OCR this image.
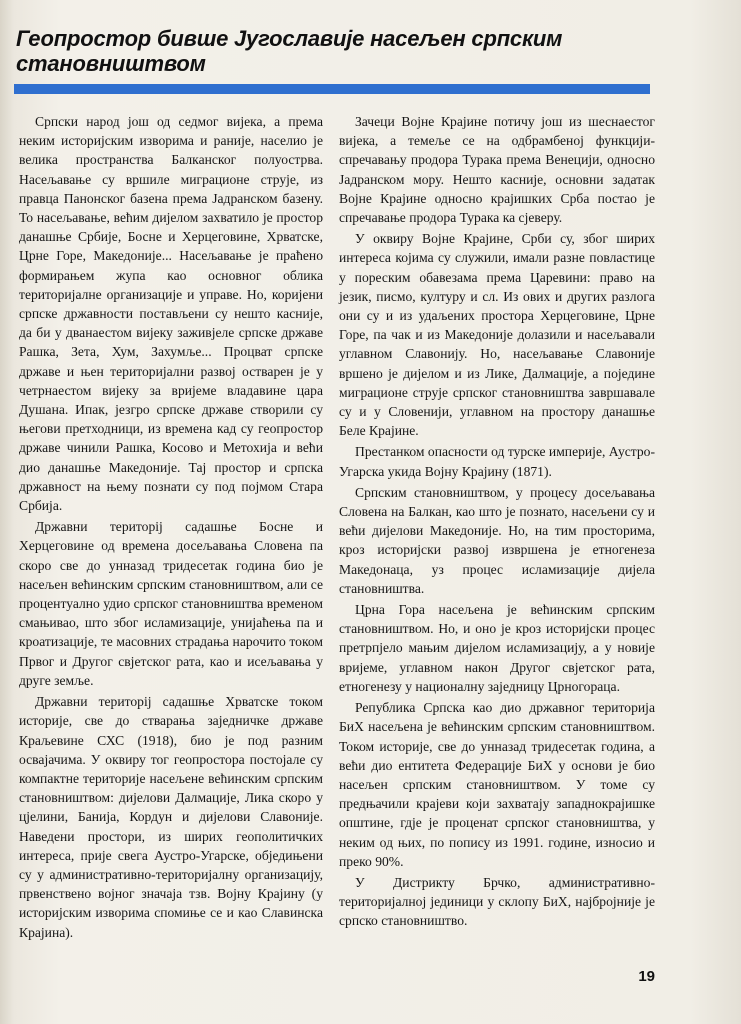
Геопростор бивше Југославије насељен српским
становништвом

Српски народ још од седмог вијека, а према неким историјским изворима и раније, населио је велика пространства Балканског полуострва. Насељавање су вршиле миграционе струје, из правца Панонског базена према Јадранском базену. То насељавање, већим дијелом захватило је простор данашње Србије, Босне и Херцеговине, Хрватске, Црне Горе, Македоније... Насељавање је праћено формирањем жупа као основног облика територијалне организације и управе. Но, коријени српске државности постављени су нешто касније, да би у дванаестом вијеку заживјеле српске државе Рашка, Зета, Хум, Захумље... Процват српске државе и њен територијални развој остварен је у четрнаестом вијеку за вријеме владавине цара Душана. Ипак, језгро српске државе створили су његови претходници, из времена кад су геопростор државе чинили Рашка, Косово и Метохија и већи дио данашње Македоније. Тај простор и српска државност на њему познати су под појмом Стара Србија.

Државни територij садашње Босне и Херцеговине од времена досељавања Словена па скоро све до унназад тридесетак година био је насељен већинским српским становништвом, али се процентуално удио српског становништва временом смањивао, што због исламизације, унијаћења па и кроатизације, те масовних страдања нарочито током Првог и Другог свјетског рата, као и исељавања у друге земље.

Државни територij садашње Хрватске током историје, све до стварања заједничке државе Краљевине СХС (1918), био је под разним освајачима. У оквиру тог геопростора постојале су компактне територије насељене већинским српским становништвом: дијелови Далмације, Лика скоро у цјелини, Банија, Кордун и дијелови Славоније. Наведени простори, из ширих геополитичких интереса, прије свега Аустро-Угарске, обједињени су у административно-територијалну организацију, првенствено војног значаја тзв. Војну Крајину (у историјским изворима спомиње се и као Славинска Крајина).

Зачеци Војне Крајине потичу још из шеснаестог вијека, а темеље се на одбрамбеној функцији-спречавању продора Турака према Венецији, односно Јадранском мору. Нешто касније, основни задатак Војне Крајине односно крајишких Срба постао је спречавање продора Турака ка сјеверу.

У оквиру Војне Крајине, Срби су, због ширих интереса којима су служили, имали разне повластице у пореским обавезама према Царевини: право на језик, писмо, културу и сл. Из ових и других разлога они су и из удаљених простора Херцеговине, Црне Горе, па чак и из Македоније долазили и насељавали углавном Славонију. Но, насељавање Славоније вршено је дијелом и из Лике, Далмације, а поједине миграционе струје српског становништва завршавале су и у Словенији, углавном на простору данашње Беле Крајине.

Престанком опасности од турске империје, Аустро-Угарска укида Војну Крајину (1871).

Српским становништвом, у процесу досељавања Словена на Балкан, као што је познато, насељени су и већи дијелови Македоније. Но, на тим просторима, кроз историјски развој извршена је етногенеза Македонаца, уз процес исламизације дијела становништва.

Црна Гора насељена је већинским српским становништвом. Но, и оно је кроз историјски процес претрпјело мањим дијелом исламизацију, а у новије вријеме, углавном након Другог свјетског рата, етногенезу у националну заједницу Црногораца.

Република Српска као дио државног територија БиХ насељена је већинским српским становништвом. Током историје, све до унназад тридесетак година, а већи дио ентитета Федерације БиХ у основи је био насељен српским становништвом. У томе су предњачили крајеви који захватају западнокрајишке општине, гдје је проценат српског становништва, у неким од њих, по попису из 1991. године, износио и преко 90%.

У Дистрикту Брчко, административно-територијалној јединици у склопу БиХ, најбројније је српско становништво.

19
